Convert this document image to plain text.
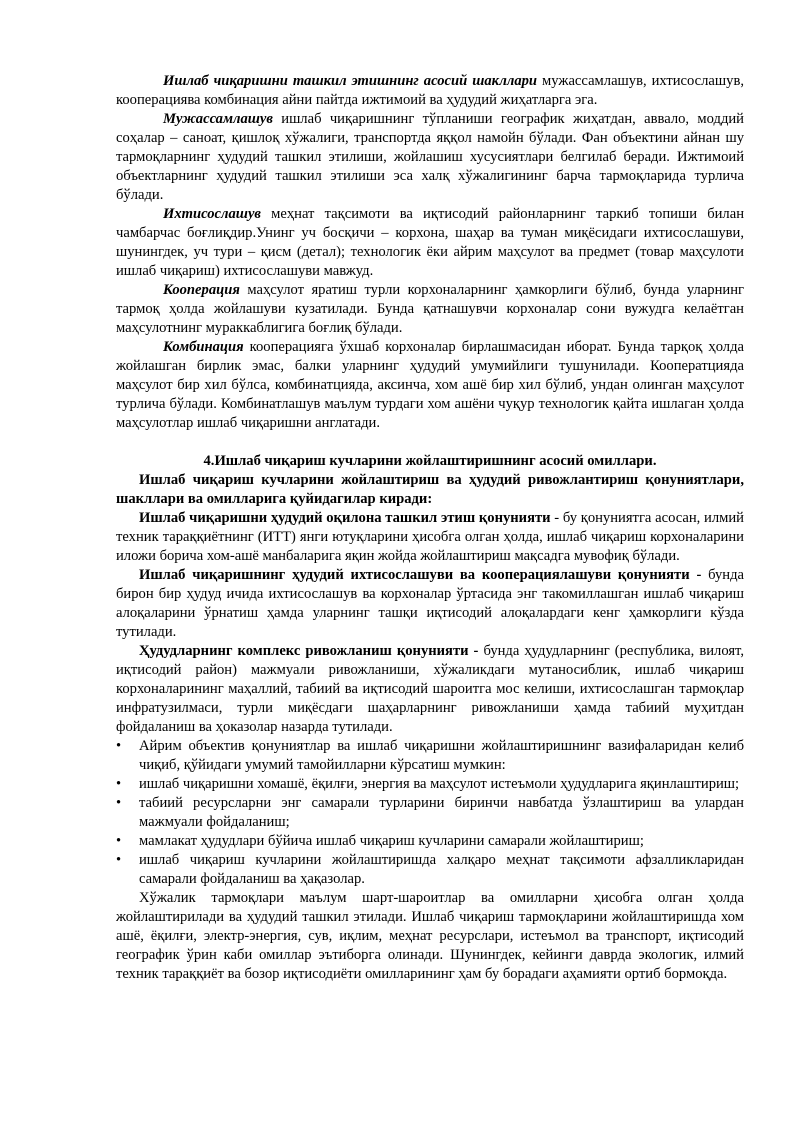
Ишлаб чиқаришни ташкил этишнинг асосий шакллари мужассамлашув, ихтисослашув, кооперациява комбинация айни пайтда ижтимоий ва ҳудудий жиҳатларга эга.

Мужассамлашув ишлаб чиқаришнинг тўпланиши географик жиҳатдан, аввало, моддий соҳалар – саноат, қишлоқ хўжалиги, транспортда яққол намойн бўлади. Фан объектини айнан шу тармоқларнинг ҳудудий ташкил этилиши, жойлашиш хусусиятлари белгилаб беради. Ижтимоий объектларнинг ҳудудий ташкил этилиши эса халқ хўжалигининг барча тармоқларида турлича бўлади.

Ихтисослашув меҳнат тақсимоти ва иқтисодий районларнинг таркиб топиши билан чамбарчас боғлиқдир.Унинг уч босқичи – корхона, шаҳар ва туман миқёсидаги ихтисослашуви, шунингдек, уч тури – қисм (детал); технологик ёки айрим маҳсулот ва предмет (товар маҳсулоти ишлаб чиқариш) ихтисослашуви мавжуд.

Кооперация маҳсулот яратиш турли корхоналарнинг ҳамкорлиги бўлиб, бунда уларнинг тармоқ ҳолда жойлашуви кузатилади. Бунда қатнашувчи корхоналар сони вужудга келаётган маҳсулотнинг мураккаблигига боғлиқ бўлади.

Комбинация кооперацияга ўхшаб корхоналар бирлашмасидан иборат. Бунда тарқоқ ҳолда жойлашган бирлик эмас, балки уларнинг ҳудудий умумийлиги тушунилади. Кооператцияда маҳсулот бир хил бўлса, комбинатцияда, аксинча, хом ашё бир хил бўлиб, ундан олинган маҳсулот турлича бўлади. Комбинатлашув маълум турдаги хом ашёни чуқур технологик қайта ишлаган ҳолда маҳсулотлар ишлаб чиқаришни англатади.

4.Ишлаб чиқариш кучларини жойлаштиришнинг асосий омиллари.

Ишлаб чиқариш кучларини жойлаштириш ва ҳудудий ривожлантириш қонуниятлари, шакллари ва омилларига қуйидагилар киради:

Ишлаб чиқаришни ҳудудий оқилона ташкил этиш қонунияти - бу қонуниятга асосан, илмий техник тараққиётнинг (ИТТ) янги ютуқларини ҳисобга олган ҳолда, ишлаб чиқариш корхоналарини иложи борича хом-ашё манбаларига яқин жойда жойлаштириш мақсадга мувофиқ бўлади.

Ишлаб чиқаришнинг ҳудудий ихтисослашуви ва кооперациялашуви қонунияти - бунда бирон бир ҳудуд ичида ихтисослашув ва корхоналар ўртасида энг такомиллашган ишлаб чиқариш алоқаларини ўрнатиш ҳамда уларнинг ташқи иқтисодий алоқалардаги кенг ҳамкорлиги кўзда тутилади.

Ҳудудларнинг комплекс ривожланиш қонунияти - бунда ҳудудларнинг (республика, вилоят, иқтисодий район) мажмуали ривожланиши, хўжаликдаги мутаносиблик, ишлаб чиқариш корхоналарининг маҳаллий, табиий ва иқтисодий шароитга мос келиши, ихтисослашган тармоқлар инфратузилмаси, турли миқёсдаги шаҳарларнинг ривожланиши ҳамда табиий муҳитдан фойдаланиш ва ҳоказолар назарда тутилади.

• Айрим объектив қонуниятлар ва ишлаб чиқаришни жойлаштиришнинг вазифаларидан келиб чиқиб, қўйидаги умумий тамойилларни кўрсатиш мумкин:
• ишлаб чиқаришни хомашё, ёқилғи, энергия ва маҳсулот истеъмоли ҳудудларига яқинлаштириш;
• табиий ресурсларни энг самарали турларини биринчи навбатда ўзлаштириш ва улардан мажмуали фойдаланиш;
• мамлакат ҳудудлари бўйича ишлаб чиқариш кучларини самарали жойлаштириш;
• ишлаб чиқариш кучларини жойлаштиришда халқаро меҳнат тақсимоти афзалликларидан самарали фойдаланиш ва ҳақазолар.

Хўжалик тармоқлари маълум шарт-шароитлар ва омилларни ҳисобга олган ҳолда жойлаштирилади ва ҳудудий ташкил этилади. Ишлаб чиқариш тармоқларини жойлаштиришда хом ашё, ёқилғи, электр-энергия, сув, иқлим, меҳнат ресурслари, истеъмол ва транспорт, иқтисодий географик ўрин каби омиллар эътиборга олинади. Шунингдек, кейинги даврда экологик, илмий техник тараққиёт ва бозор иқтисодиёти омилларининг ҳам бу борадаги аҳамияти ортиб бормоқда.
